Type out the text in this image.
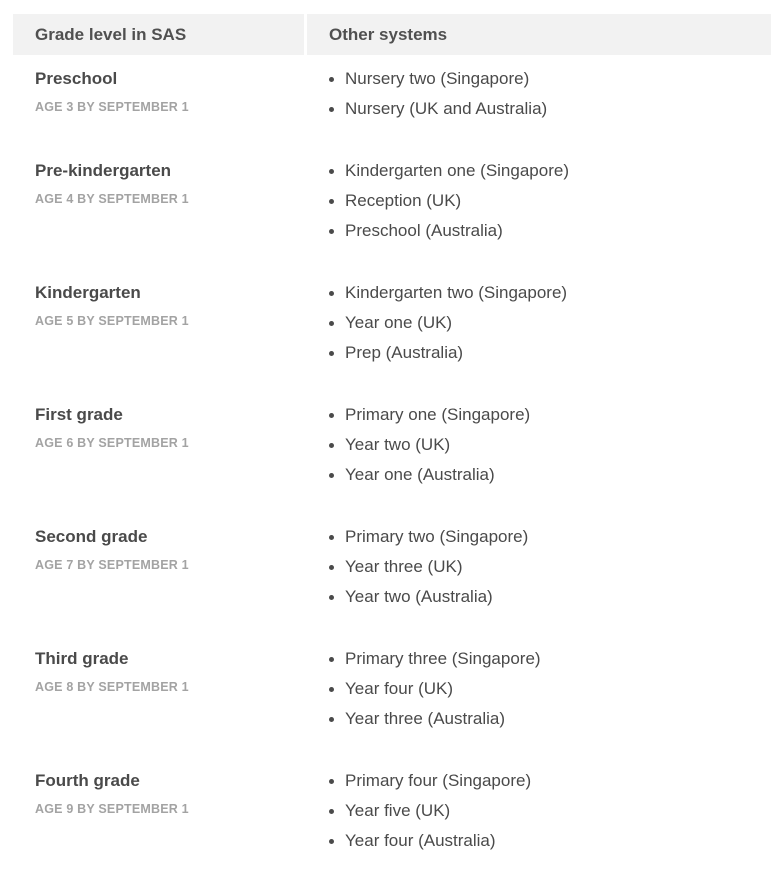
Grade level in SAS	Other systems
Preschool
AGE 3 BY SEPTEMBER 1
Nursery two (Singapore)
Nursery (UK and Australia)
Pre-kindergarten
AGE 4 BY SEPTEMBER 1
Kindergarten one (Singapore)
Reception (UK)
Preschool (Australia)
Kindergarten
AGE 5 BY SEPTEMBER 1
Kindergarten two (Singapore)
Year one (UK)
Prep (Australia)
First grade
AGE 6 BY SEPTEMBER 1
Primary one (Singapore)
Year two (UK)
Year one (Australia)
Second grade
AGE 7 BY SEPTEMBER 1
Primary two (Singapore)
Year three (UK)
Year two (Australia)
Third grade
AGE 8 BY SEPTEMBER 1
Primary three (Singapore)
Year four (UK)
Year three (Australia)
Fourth grade
AGE 9 BY SEPTEMBER 1
Primary four (Singapore)
Year five (UK)
Year four (Australia)
